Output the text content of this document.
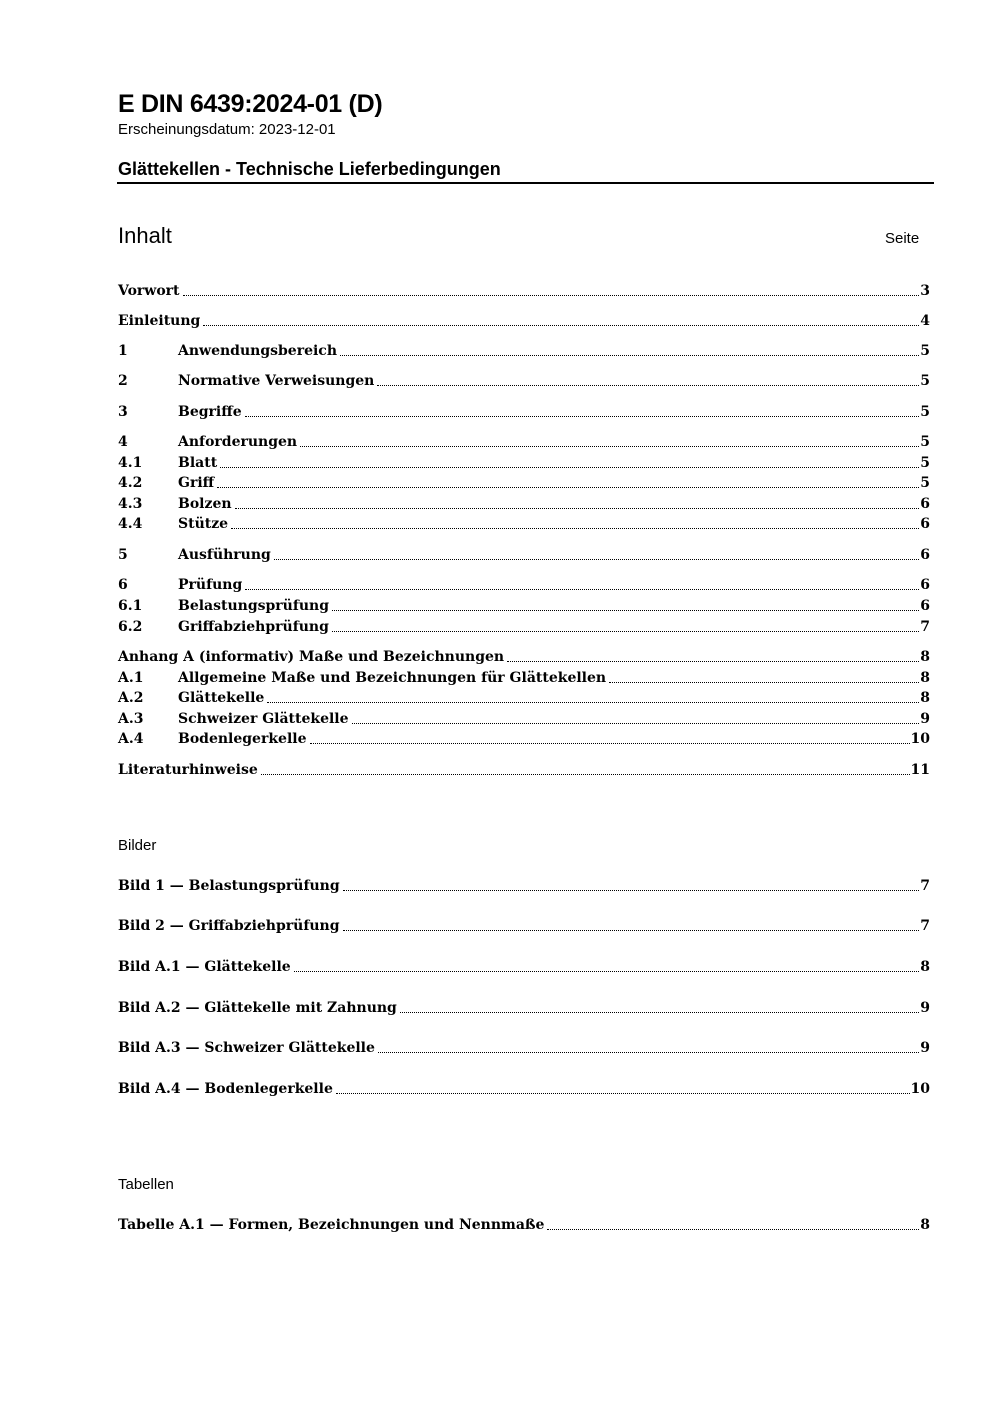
E DIN 6439:2024-01 (D)
Erscheinungsdatum: 2023-12-01
Glättekellen - Technische Lieferbedingungen
Inhalt	Seite
Vorwort	3
Einleitung	4
1	Anwendungsbereich	5
2	Normative Verweisungen	5
3	Begriffe	5
4	Anforderungen	5
4.1	Blatt	5
4.2	Griff	5
4.3	Bolzen	6
4.4	Stütze	6
5	Ausführung	6
6	Prüfung	6
6.1	Belastungsprüfung	6
6.2	Griffabziehprüfung	7
Anhang A (informativ) Maße und Bezeichnungen	8
A.1	Allgemeine Maße und Bezeichnungen für Glättekellen	8
A.2	Glättekelle	8
A.3	Schweizer Glättekelle	9
A.4	Bodenlegerkelle	10
Literaturhinweise	11
Bilder
Bild 1 — Belastungsprüfung	7
Bild 2 — Griffabziehprüfung	7
Bild A.1 — Glättekelle	8
Bild A.2 — Glättekelle mit Zahnung	9
Bild A.3 — Schweizer Glättekelle	9
Bild A.4 — Bodenlegerkelle	10
Tabellen
Tabelle A.1 — Formen, Bezeichnungen und Nennmaße	8
